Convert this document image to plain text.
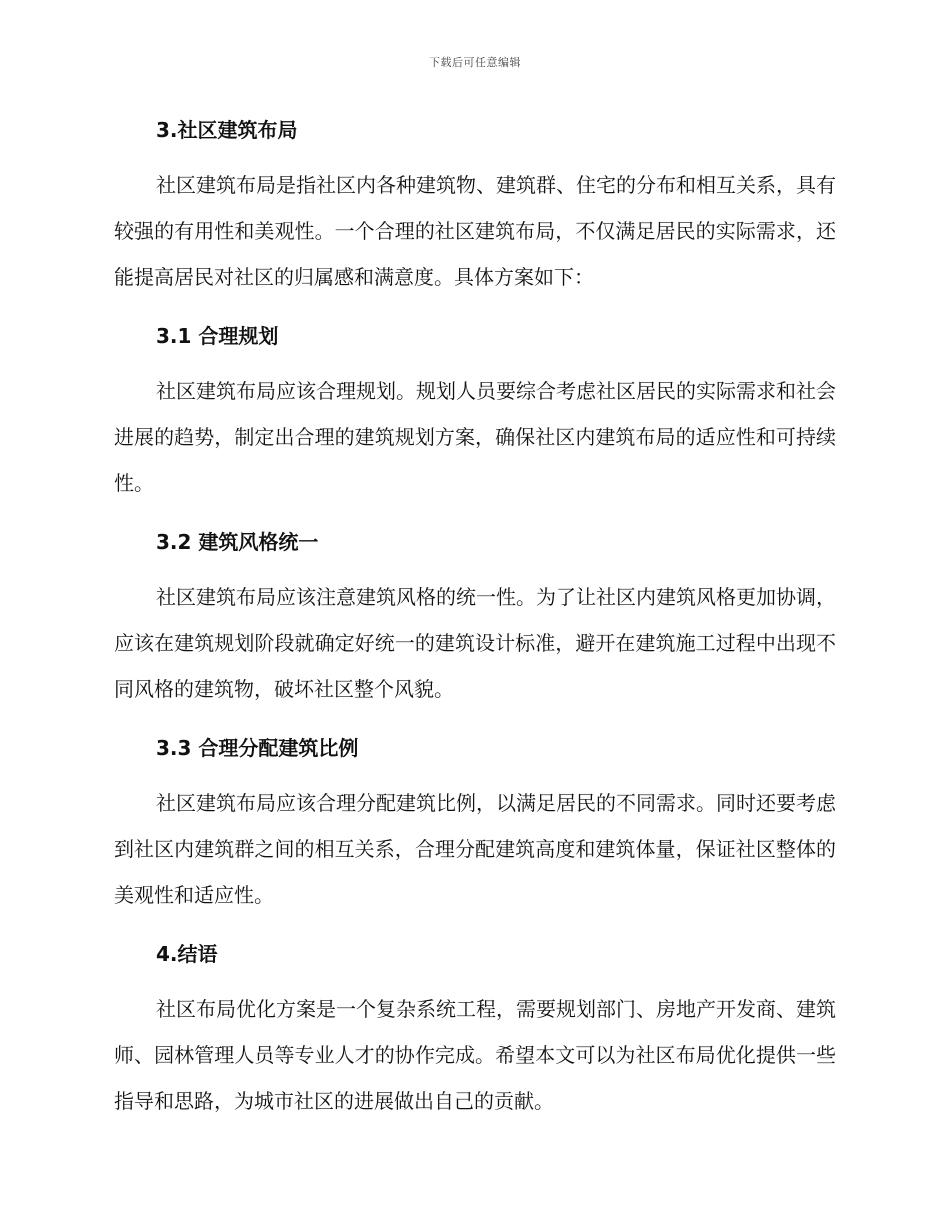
下载后可任意编辑
3.社区建筑布局

社区建筑布局是指社区内各种建筑物、建筑群、住宅的分布和相互关系，具有较强的有用性和美观性。一个合理的社区建筑布局，不仅满足居民的实际需求，还能提高居民对社区的归属感和满意度。具体方案如下：

3.1 合理规划

社区建筑布局应该合理规划。规划人员要综合考虑社区居民的实际需求和社会进展的趋势，制定出合理的建筑规划方案，确保社区内建筑布局的适应性和可持续性。

3.2 建筑风格统一

社区建筑布局应该注意建筑风格的统一性。为了让社区内建筑风格更加协调，应该在建筑规划阶段就确定好统一的建筑设计标准，避开在建筑施工过程中出现不同风格的建筑物，破坏社区整个风貌。

3.3 合理分配建筑比例

社区建筑布局应该合理分配建筑比例，以满足居民的不同需求。同时还要考虑到社区内建筑群之间的相互关系，合理分配建筑高度和建筑体量，保证社区整体的美观性和适应性。

4.结语

社区布局优化方案是一个复杂系统工程，需要规划部门、房地产开发商、建筑师、园林管理人员等专业人才的协作完成。希望本文可以为社区布局优化提供一些指导和思路，为城市社区的进展做出自己的贡献。
